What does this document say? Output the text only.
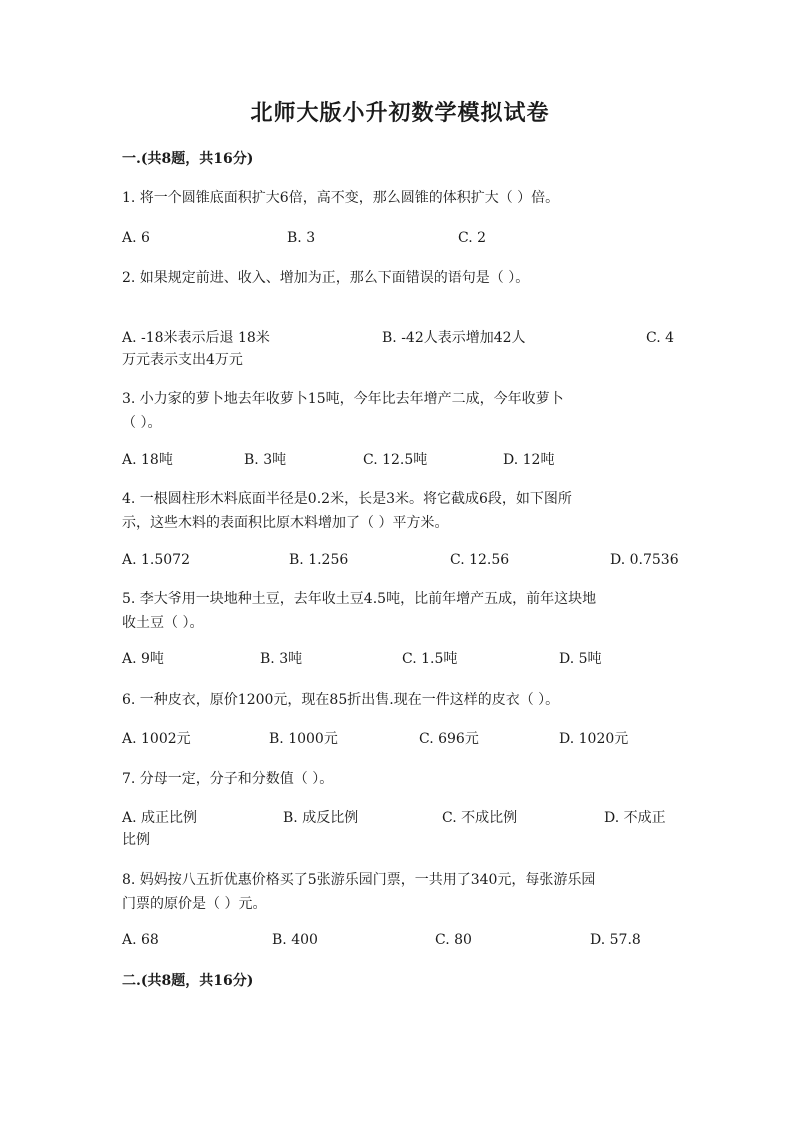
北师大版小升初数学模拟试卷
一.(共8题，共16分)
1. 将一个圆锥底面积扩大6倍，高不变，那么圆锥的体积扩大（ ）倍。
A. 6	B. 3	C. 2
2. 如果规定前进、收入、增加为正，那么下面错误的语句是（ ）。
A. -18米表示后退 18米	B. -42人表示增加42人	C. 4
万元表示支出4万元
3. 小力家的萝卜地去年收萝卜15吨，今年比去年增产二成，今年收萝卜
（ ）。
A. 18吨	B. 3吨	C. 12.5吨	D. 12吨
4. 一根圆柱形木料底面半径是0.2米，长是3米。将它截成6段，如下图所
示，这些木料的表面积比原木料增加了（ ）平方米。
A. 1.5072	B. 1.256	C. 12.56	D. 0.7536
5. 李大爷用一块地种土豆，去年收土豆4.5吨，比前年增产五成，前年这块地
收土豆（ ）。
A. 9吨	B. 3吨	C. 1.5吨	D. 5吨
6. 一种皮衣，原价1200元，现在85折出售.现在一件这样的皮衣（ ）。
A. 1002元	B. 1000元	C. 696元	D. 1020元
7. 分母一定，分子和分数值（ ）。
A. 成正比例	B. 成反比例	C. 不成比例	D. 不成正
比例
8. 妈妈按八五折优惠价格买了5张游乐园门票，一共用了340元，每张游乐园
门票的原价是（ ）元。
A. 68	B. 400	C. 80	D. 57.8
二.(共8题，共16分)
